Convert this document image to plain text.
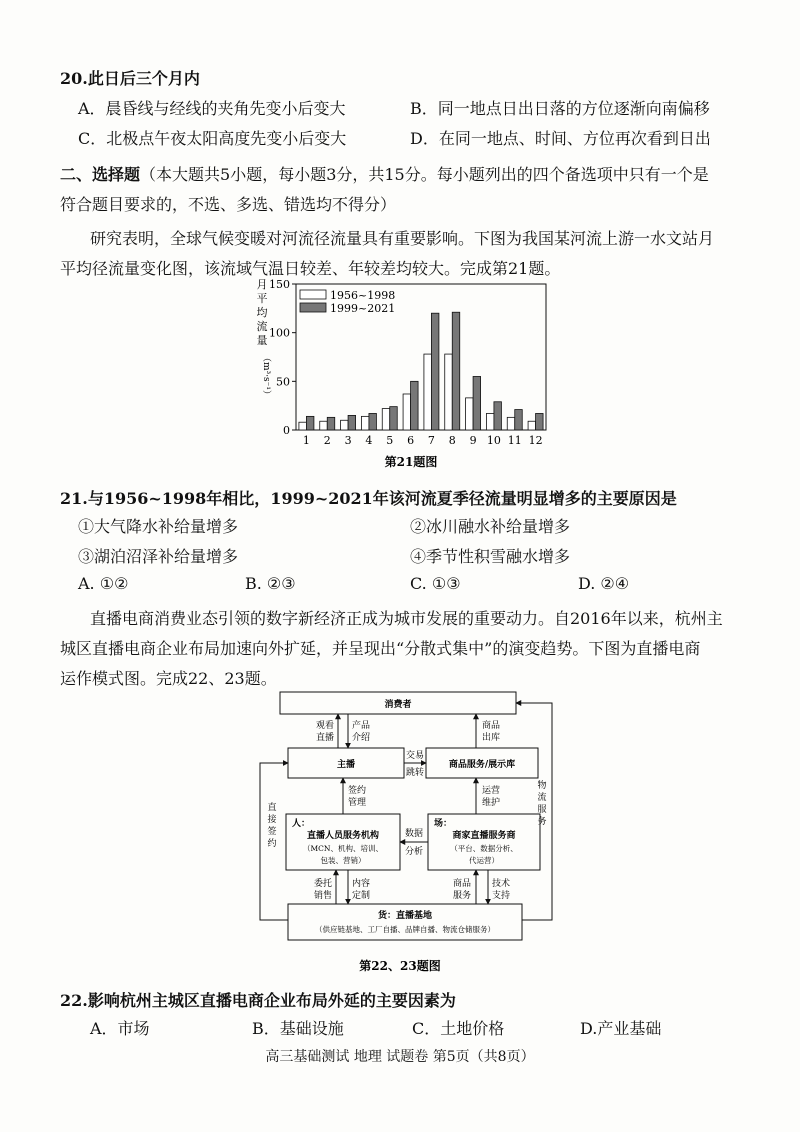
20.此日后三个月内
A．晨昏线与经线的夹角先变小后变大	B．同一地点日出日落的方位逐渐向南偏移
C．北极点午夜太阳高度先变小后变大	D．在同一地点、时间、方位再次看到日出
二、选择题（本大题共5小题，每小题3分，共15分。每小题列出的四个备选项中只有一个是
符合题目要求的，不选、多选、错选均不得分）
研究表明，全球气候变暖对河流径流量具有重要影响。下图为我国某河流上游一水文站月
平均径流量变化图，该流域气温日较差、年较差均较大。完成第21题。
0
50
100
150
月
平
均
流
量
（m³·s⁻¹）
1 2 3 4 5 6 7 8 9 10 11 12
1956~1998
1999~2021
第21题图
21.与1956~1998年相比，1999~2021年该河流夏季径流量明显增多的主要原因是
①大气降水补给量增多	②冰川融水补给量增多
③湖泊沼泽补给量增多	④季节性积雪融水增多
A. ①②	B. ②③	C. ①③	D. ②④
直播电商消费业态引领的数字新经济正成为城市发展的重要动力。自2016年以来，杭州主
城区直播电商企业布局加速向外扩延，并呈现出“分散式集中”的演变趋势。下图为直播电商
运作模式图。完成22、23题。
消费者
主播	商品服务/展示库
人：
直播人员服务机构
（MCN、机构、培训、
包装、营销）
场：
商家直播服务商
（平台、数据分析、
代运营）
货：直播基地
（供应链基地、工厂自播、品牌自播、物流仓储服务）
观看
直播
产品
介绍
商品
出库
交易
跳转
签约
管理
运营
维护
数据
分析
委托
销售
内容
定制
商品
服务
技术
支持
直
接
签
约
物
流
服
务
第22、23题图
22.影响杭州主城区直播电商企业布局外延的主要因素为
A．市场	B．基础设施	C．土地价格	D.产业基础
高三基础测试 地理 试题卷 第5页（共8页）
